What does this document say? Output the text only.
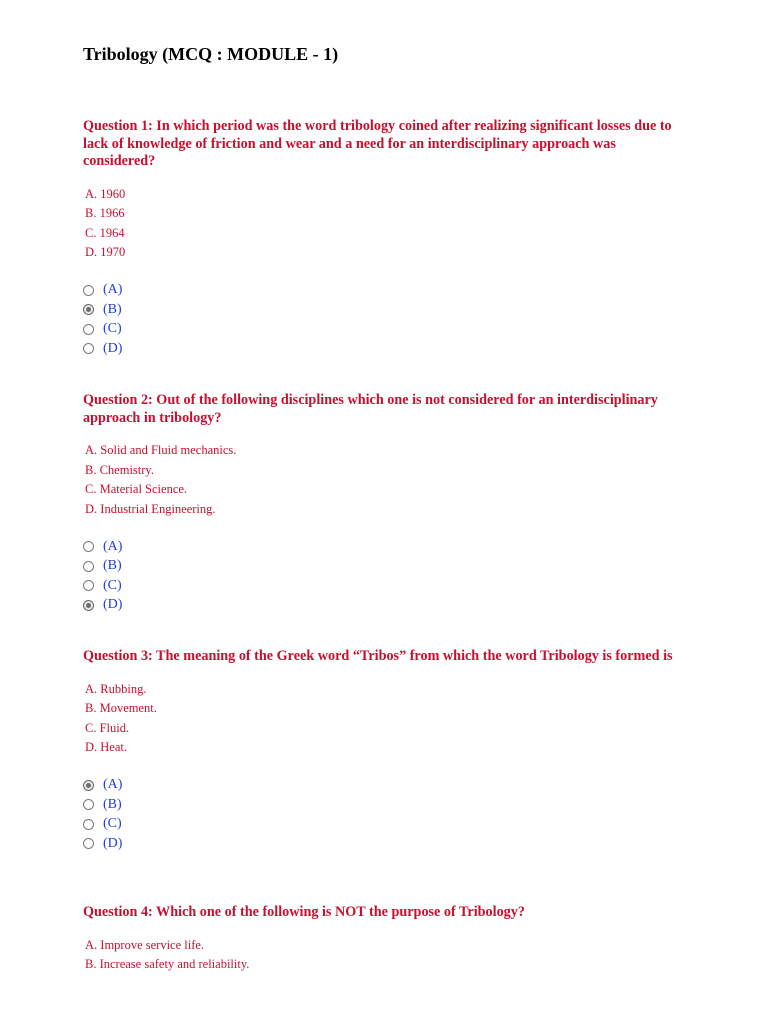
Tribology (MCQ : MODULE - 1)

Question 1: In which period was the word tribology coined after realizing significant losses due to lack of knowledge of friction and wear and a need for an interdisciplinary approach was considered?

A. 1960
B. 1966
C. 1964
D. 1970
(A)
(B)
(C)
(D)

Question 2: Out of the following disciplines which one is not considered for an interdisciplinary approach in tribology?

A. Solid and Fluid mechanics.
B. Chemistry.
C. Material Science.
D. Industrial Engineering.
(A)
(B)
(C)
(D)

Question 3: The meaning of the Greek word “Tribos” from which the word Tribology is formed is

A. Rubbing.
B. Movement.
C. Fluid.
D. Heat.
(A)
(B)
(C)
(D)

Question 4: Which one of the following is NOT the purpose of Tribology?

A. Improve service life.
B. Increase safety and reliability.
